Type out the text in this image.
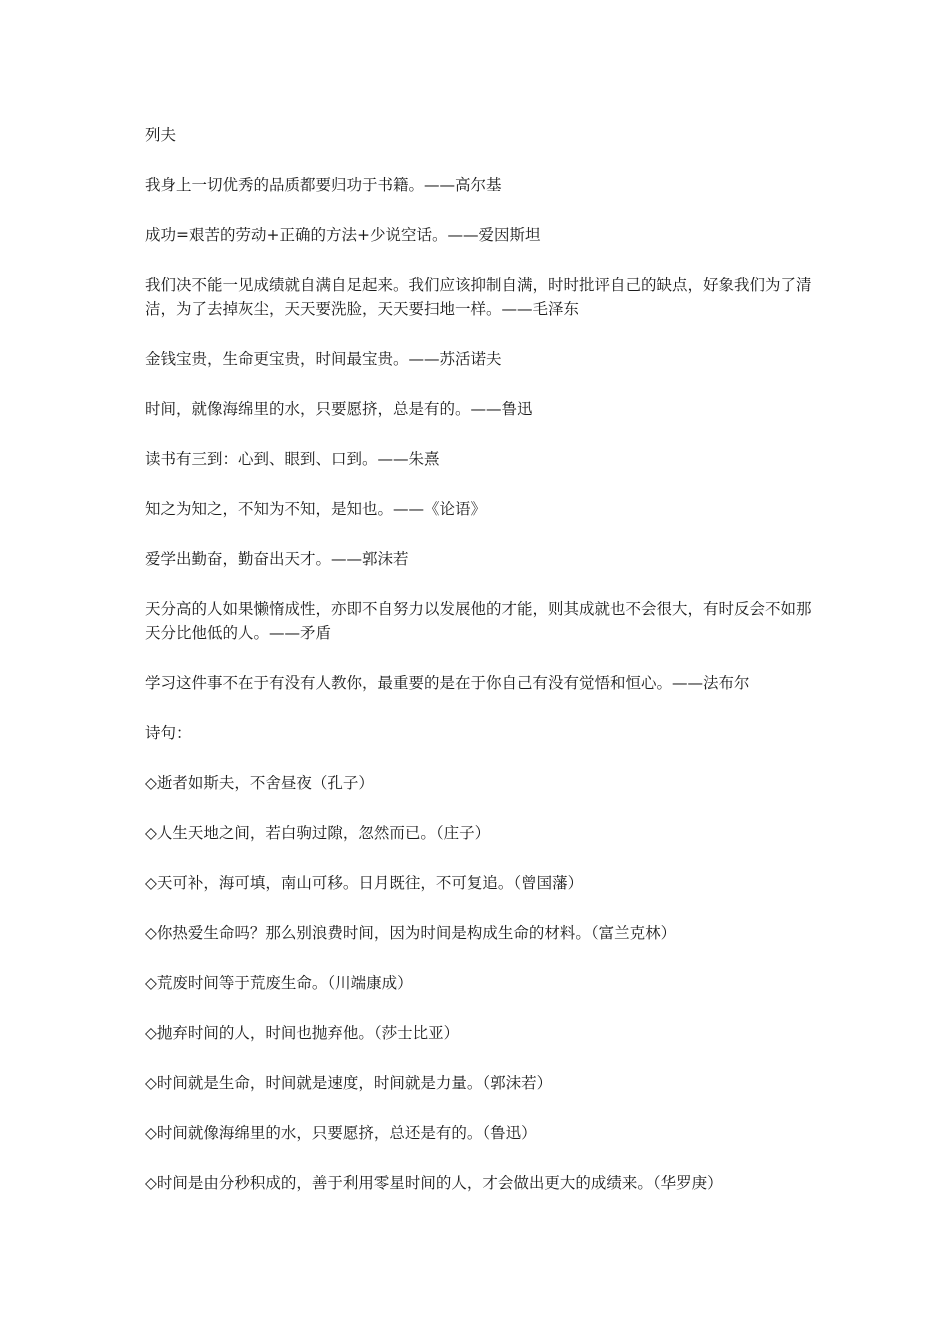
列夫

我身上一切优秀的品质都要归功于书籍。——高尔基

成功=艰苦的劳动+正确的方法+少说空话。——爱因斯坦

我们决不能一见成绩就自满自足起来。我们应该抑制自满，时时批评自己的缺点，好象我们为了清洁，为了去掉灰尘，天天要洗脸，天天要扫地一样。——毛泽东

金钱宝贵，生命更宝贵，时间最宝贵。——苏活诺夫

时间，就像海绵里的水，只要愿挤，总是有的。——鲁迅

读书有三到：心到、眼到、口到。——朱熹

知之为知之，不知为不知，是知也。——《论语》

爱学出勤奋，勤奋出天才。——郭沫若

天分高的人如果懒惰成性，亦即不自努力以发展他的才能，则其成就也不会很大，有时反会不如那天分比他低的人。——矛盾

学习这件事不在于有没有人教你，最重要的是在于你自己有没有觉悟和恒心。——法布尔

诗句：

◇逝者如斯夫，不舍昼夜（孔子）

◇人生天地之间，若白驹过隙，忽然而已。（庄子）

◇天可补，海可填，南山可移。日月既往，不可复追。（曾国藩）

◇你热爱生命吗？那么别浪费时间，因为时间是构成生命的材料。（富兰克林）

◇荒废时间等于荒废生命。（川端康成）

◇抛弃时间的人，时间也抛弃他。（莎士比亚）

◇时间就是生命，时间就是速度，时间就是力量。（郭沫若）

◇时间就像海绵里的水，只要愿挤，总还是有的。（鲁迅）

◇时间是由分秒积成的，善于利用零星时间的人，才会做出更大的成绩来。（华罗庚）
